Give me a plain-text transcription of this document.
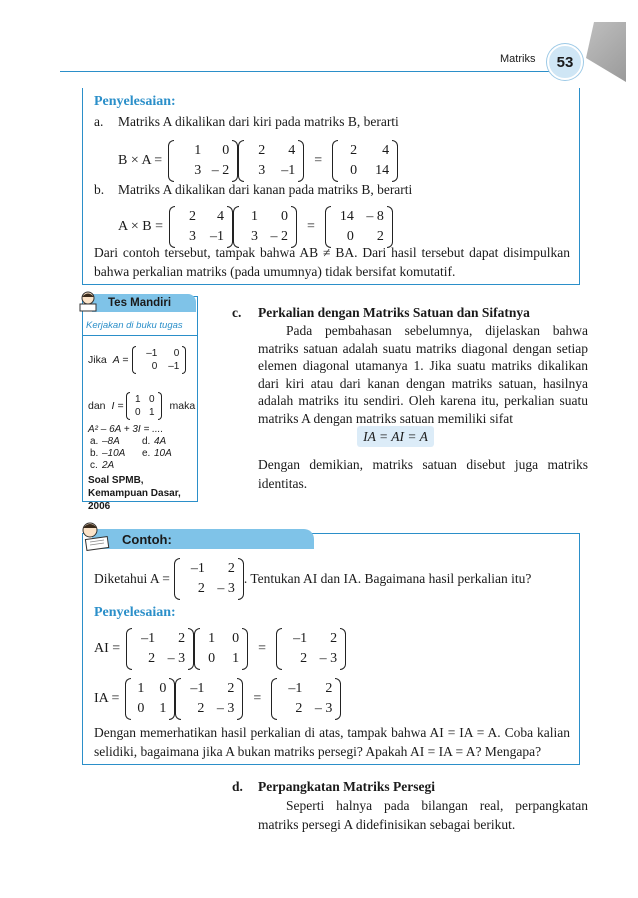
Matriks 53
Penyelesaian:
a. Matriks A dikalikan dari kiri pada matriks B, berarti
B × A =
1	0
3 – 2
2	4
3	–1
=
2	4
0	14
b. Matriks A dikalikan dari kanan pada matriks B, berarti
A × B =
2	4
3	–1
1	0
3 – 2
=
14 – 8
0	2
Dari contoh tersebut, tampak bahwa AB ≠ BA. Dari hasil tersebut dapat disimpulkan bahwa perkalian matriks (pada umumnya) tidak bersifat komutatif.
Tes Mandiri
Kerjakan di buku tugas
Jika A =
–1	0
0	–1
dan I =
1 0
0 1
maka
A² – 6A + 3I = ....
a. –8A	d. 4A
b. –10A	e. 10A
c. 2A
Soal SPMB, Kemampuan Dasar, 2006
c. Perkalian dengan Matriks Satuan dan Sifatnya
Pada pembahasan sebelumnya, dijelaskan bahwa matriks satuan adalah suatu matriks diagonal dengan setiap elemen diagonal utamanya 1. Jika suatu matriks dikalikan dari kiri atau dari kanan dengan matriks satuan, hasilnya adalah matriks itu sendiri. Oleh karena itu, perkalian suatu matriks A dengan matriks satuan memiliki sifat
IA = AI = A
Dengan demikian, matriks satuan disebut juga matriks identitas.
Contoh:
Diketahui A =
–1	2
2 – 3
. Tentukan AI dan IA. Bagaimana hasil perkalian itu?
Penyelesaian:
AI =
–1	2
2 – 3
1	0
0	1
=
–1	2
2 – 3
IA =
1	0
0	1
–1	2
2 – 3
=
–1	2
2 – 3
Dengan memerhatikan hasil perkalian di atas, tampak bahwa AI = IA = A. Coba kalian selidiki, bagaimana jika A bukan matriks persegi? Apakah AI = IA = A? Mengapa?
d. Perpangkatan Matriks Persegi
Seperti halnya pada bilangan real, perpangkatan matriks persegi A didefinisikan sebagai berikut.
